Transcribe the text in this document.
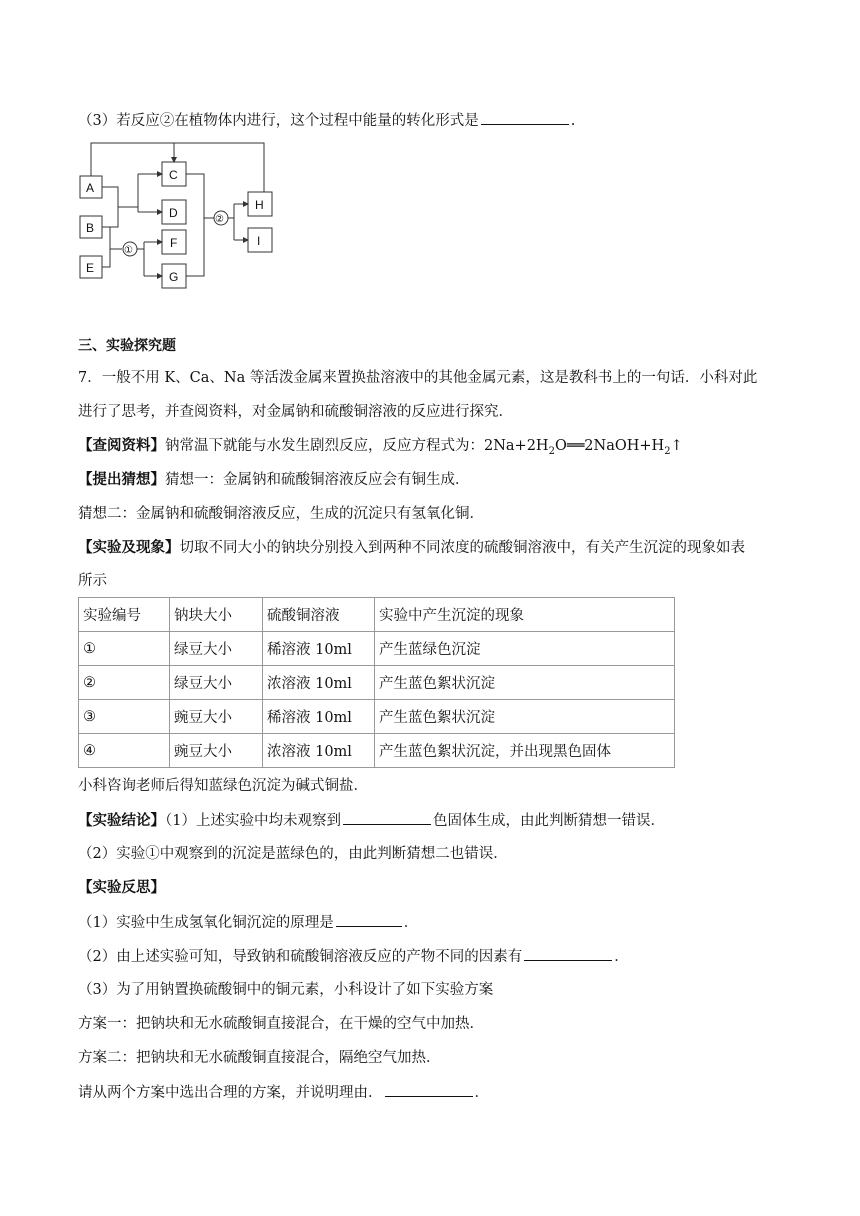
（3）若反应②在植物体内进行，这个过程中能量的转化形式是	.
A
B
E
C
D
F
G
H
I
①
②
三、实验探究题
7．一般不用 K、Ca、Na 等活泼金属来置换盐溶液中的其他金属元素，这是教科书上的一句话．小科对此
进行了思考，并查阅资料，对金属钠和硫酸铜溶液的反应进行探究．
【查阅资料】钠常温下就能与水发生剧烈反应，反应方程式为：$2Na+2H_2O══2NaOH+H_2↑$
【提出猜想】猜想一：金属钠和硫酸铜溶液反应会有铜生成．
猜想二：金属钠和硫酸铜溶液反应，生成的沉淀只有氢氧化铜．
【实验及现象】切取不同大小的钠块分别投入到两种不同浓度的硫酸铜溶液中，有关产生沉淀的现象如表
所示
实验编号	钠块大小	硫酸铜溶液	实验中产生沉淀的现象
①	绿豆大小	稀溶液 10ml	产生蓝绿色沉淀
②	绿豆大小	浓溶液 10ml	产生蓝色絮状沉淀
③	豌豆大小	稀溶液 10ml	产生蓝色絮状沉淀
④	豌豆大小	浓溶液 10ml	产生蓝色絮状沉淀，并出现黑色固体
小科咨询老师后得知蓝绿色沉淀为碱式铜盐．
【实验结论】（1）上述实验中均未观察到	色固体生成，由此判断猜想一错误．
（2）实验①中观察到的沉淀是蓝绿色的，由此判断猜想二也错误．
【实验反思】
（1）实验中生成氢氧化铜沉淀的原理是	．
（2）由上述实验可知，导致钠和硫酸铜溶液反应的产物不同的因素有	．
（3）为了用钠置换硫酸铜中的铜元素，小科设计了如下实验方案
方案一：把钠块和无水硫酸铜直接混合，在干燥的空气中加热．
方案二：把钠块和无水硫酸铜直接混合，隔绝空气加热．
请从两个方案中选出合理的方案，并说明理由．	．
